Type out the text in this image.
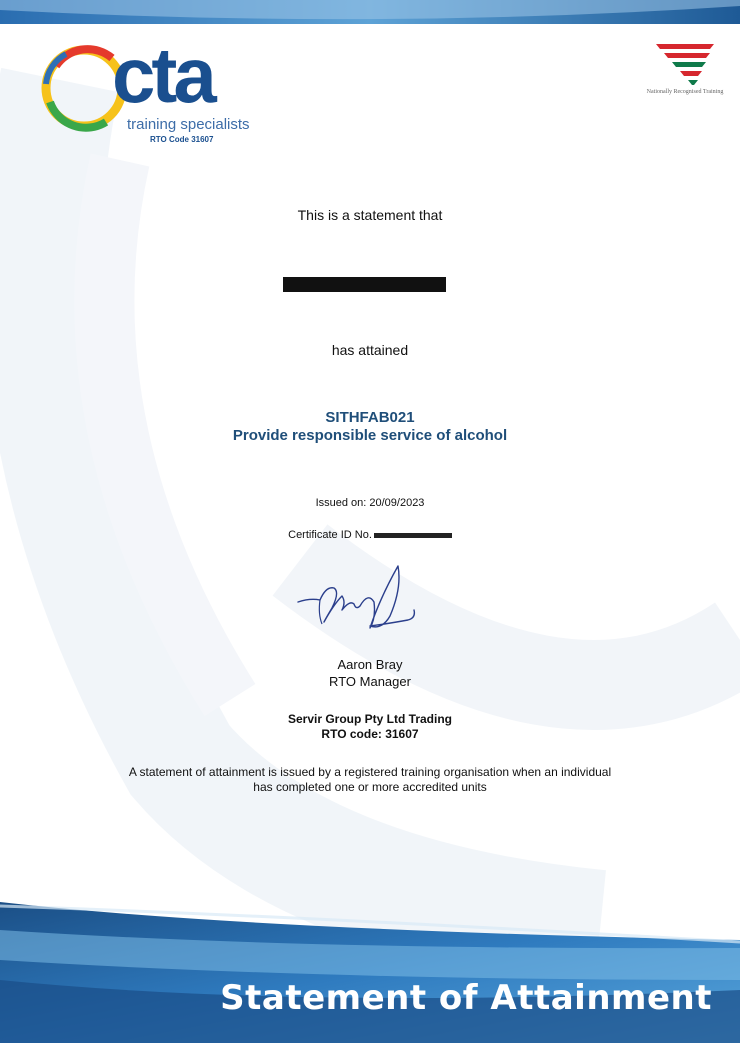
cta
training specialists
RTO Code 31607
Nationally Recognised Training
This is a statement that
has attained
SITHFAB021
Provide responsible service of alcohol
Issued on: 20/09/2023
Certificate ID No.
Aaron Bray
RTO Manager
Servir Group Pty Ltd Trading
RTO code: 31607
A statement of attainment is issued by a registered training organisation when an individual
has completed one or more accredited units
Statement of Attainment
